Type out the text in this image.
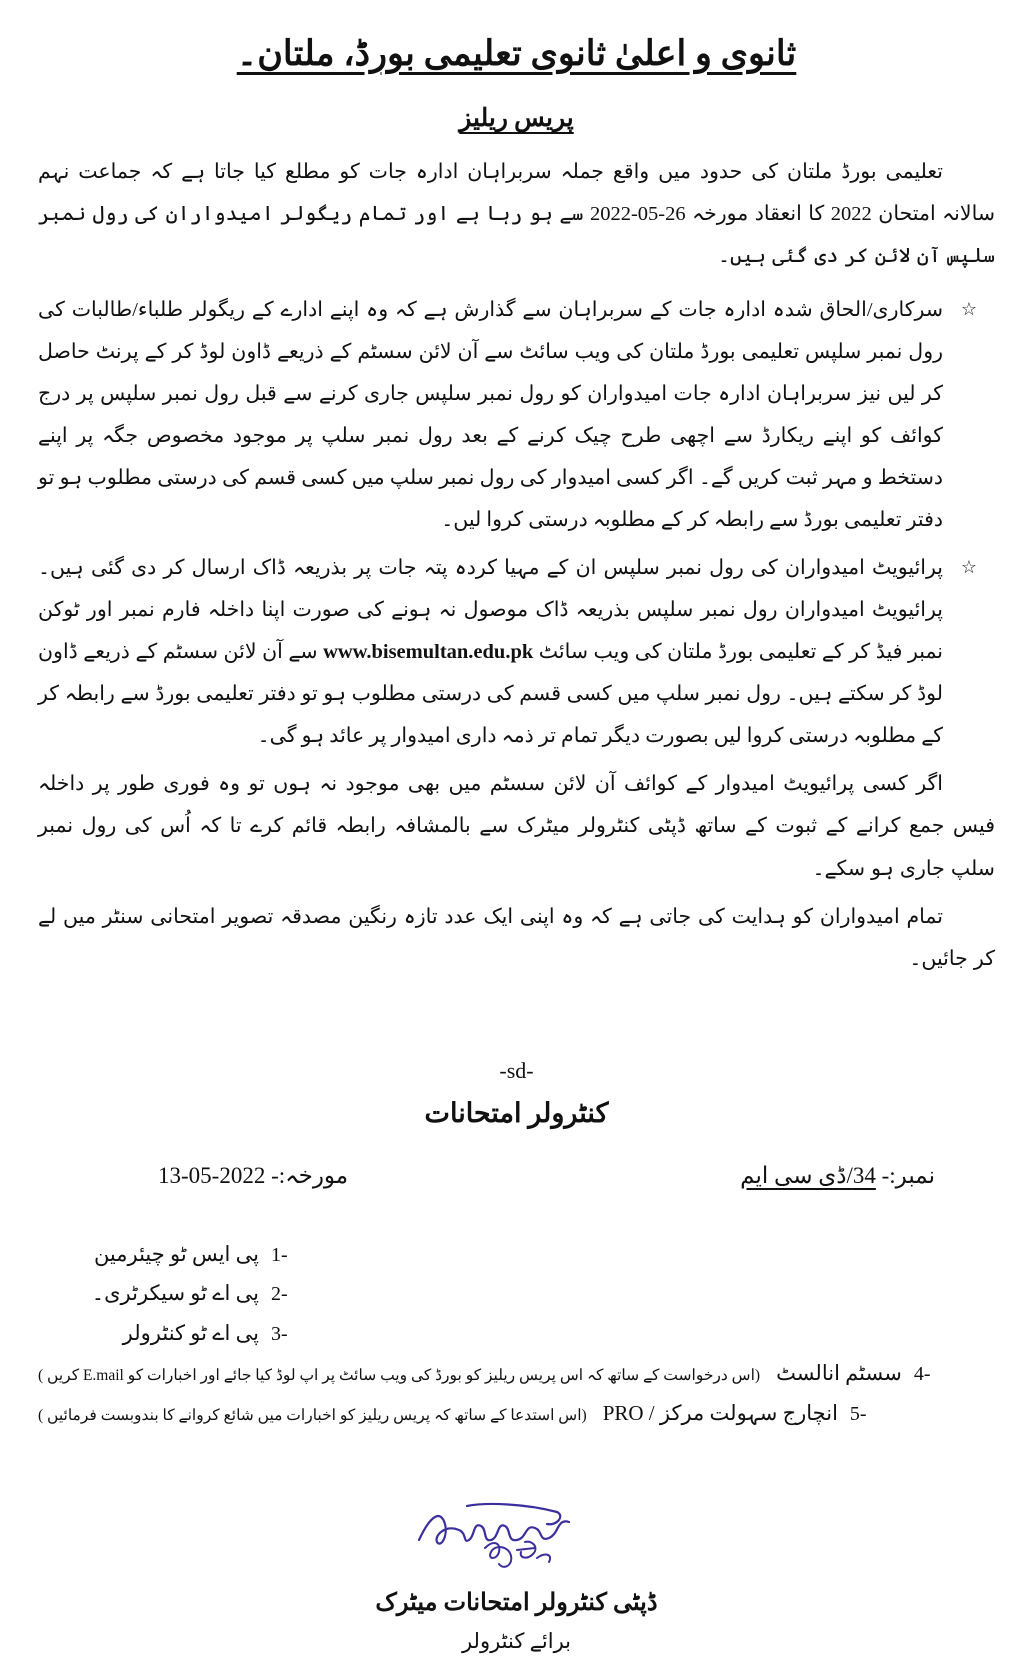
ثانوی و اعلیٰ ثانوی تعلیمی بورڈ، ملتان۔
پریس ریلیز

تعلیمی بورڈ ملتان کی حدود میں واقع جملہ سربراہان ادارہ جات کو مطلع کیا جاتا ہے کہ جماعت نہم سالانہ امتحان 2022 کا انعقاد مورخہ 26-05-2022 سے ہو رہا ہے اور تمام ریگولر امیدواران کی رول نمبر سلپس آن لائن کر دی گئی ہیں۔

☆
سرکاری/الحاق شدہ ادارہ جات کے سربراہان سے گذارش ہے کہ وہ اپنے ادارے کے ریگولر طلباء/طالبات کی رول نمبر سلپس تعلیمی بورڈ ملتان کی ویب سائٹ سے آن لائن سسٹم کے ذریعے ڈاون لوڈ کر کے پرنٹ حاصل کر لیں نیز سربراہان ادارہ جات امیدواران کو رول نمبر سلپس جاری کرنے سے قبل رول نمبر سلپس پر درج کوائف کو اپنے ریکارڈ سے اچھی طرح چیک کرنے کے بعد رول نمبر سلپ پر موجود مخصوص جگہ پر اپنے دستخط و مہر ثبت کریں گے۔ اگر کسی امیدوار کی رول نمبر سلپ میں کسی قسم کی درستی مطلوب ہو تو دفتر تعلیمی بورڈ سے رابطہ کر کے مطلوبہ درستی کروا لیں۔
☆
پرائیویٹ امیدواران کی رول نمبر سلپس ان کے مہیا کردہ پتہ جات پر بذریعہ ڈاک ارسال کر دی گئی ہیں۔ پرائیویٹ امیدواران رول نمبر سلپس بذریعہ ڈاک موصول نہ ہونے کی صورت اپنا داخلہ فارم نمبر اور ٹوکن نمبر فیڈ کر کے تعلیمی بورڈ ملتان کی ویب سائٹ www.bisemultan.edu.pk سے آن لائن سسٹم کے ذریعے ڈاون لوڈ کر سکتے ہیں۔ رول نمبر سلپ میں کسی قسم کی درستی مطلوب ہو تو دفتر تعلیمی بورڈ سے رابطہ کر کے مطلوبہ درستی کروا لیں بصورت دیگر تمام تر ذمہ داری امیدوار پر عائد ہو گی۔

اگر کسی پرائیویٹ امیدوار کے کوائف آن لائن سسٹم میں بھی موجود نہ ہوں تو وہ فوری طور پر داخلہ فیس جمع کرانے کے ثبوت کے ساتھ ڈپٹی کنٹرولر میٹرک سے بالمشافہ رابطہ قائم کرے تا کہ اُس کی رول نمبر سلپ جاری ہو سکے۔

تمام امیدواران کو ہدایت کی جاتی ہے کہ وہ اپنی ایک عدد تازہ رنگین مصدقہ تصویر امتحانی سنٹر میں لے کر جائیں۔

-sd-
کنٹرولر امتحانات
نمبر:- 34/ڈی سی ایم
مورخہ:- 13-05-2022
1-
پی ایس ٹو چیئرمین
2-
پی اے ٹو سیکرٹری۔
3-
پی اے ٹو کنٹرولر
4-
سسٹم انالسٹ
(اس درخواست کے ساتھ کہ اس پریس ریلیز کو بورڈ کی ویب سائٹ پر اپ لوڈ کیا جائے اور اخبارات کو E.mail کریں )
5-
انچارج سہولت مرکز / PRO
(اس استدعا کے ساتھ کہ پریس ریلیز کو اخبارات میں شائع کروانے کا بندوبست فرمائیں )
ڈپٹی کنٹرولر امتحانات میٹرک
برائے کنٹرولر
